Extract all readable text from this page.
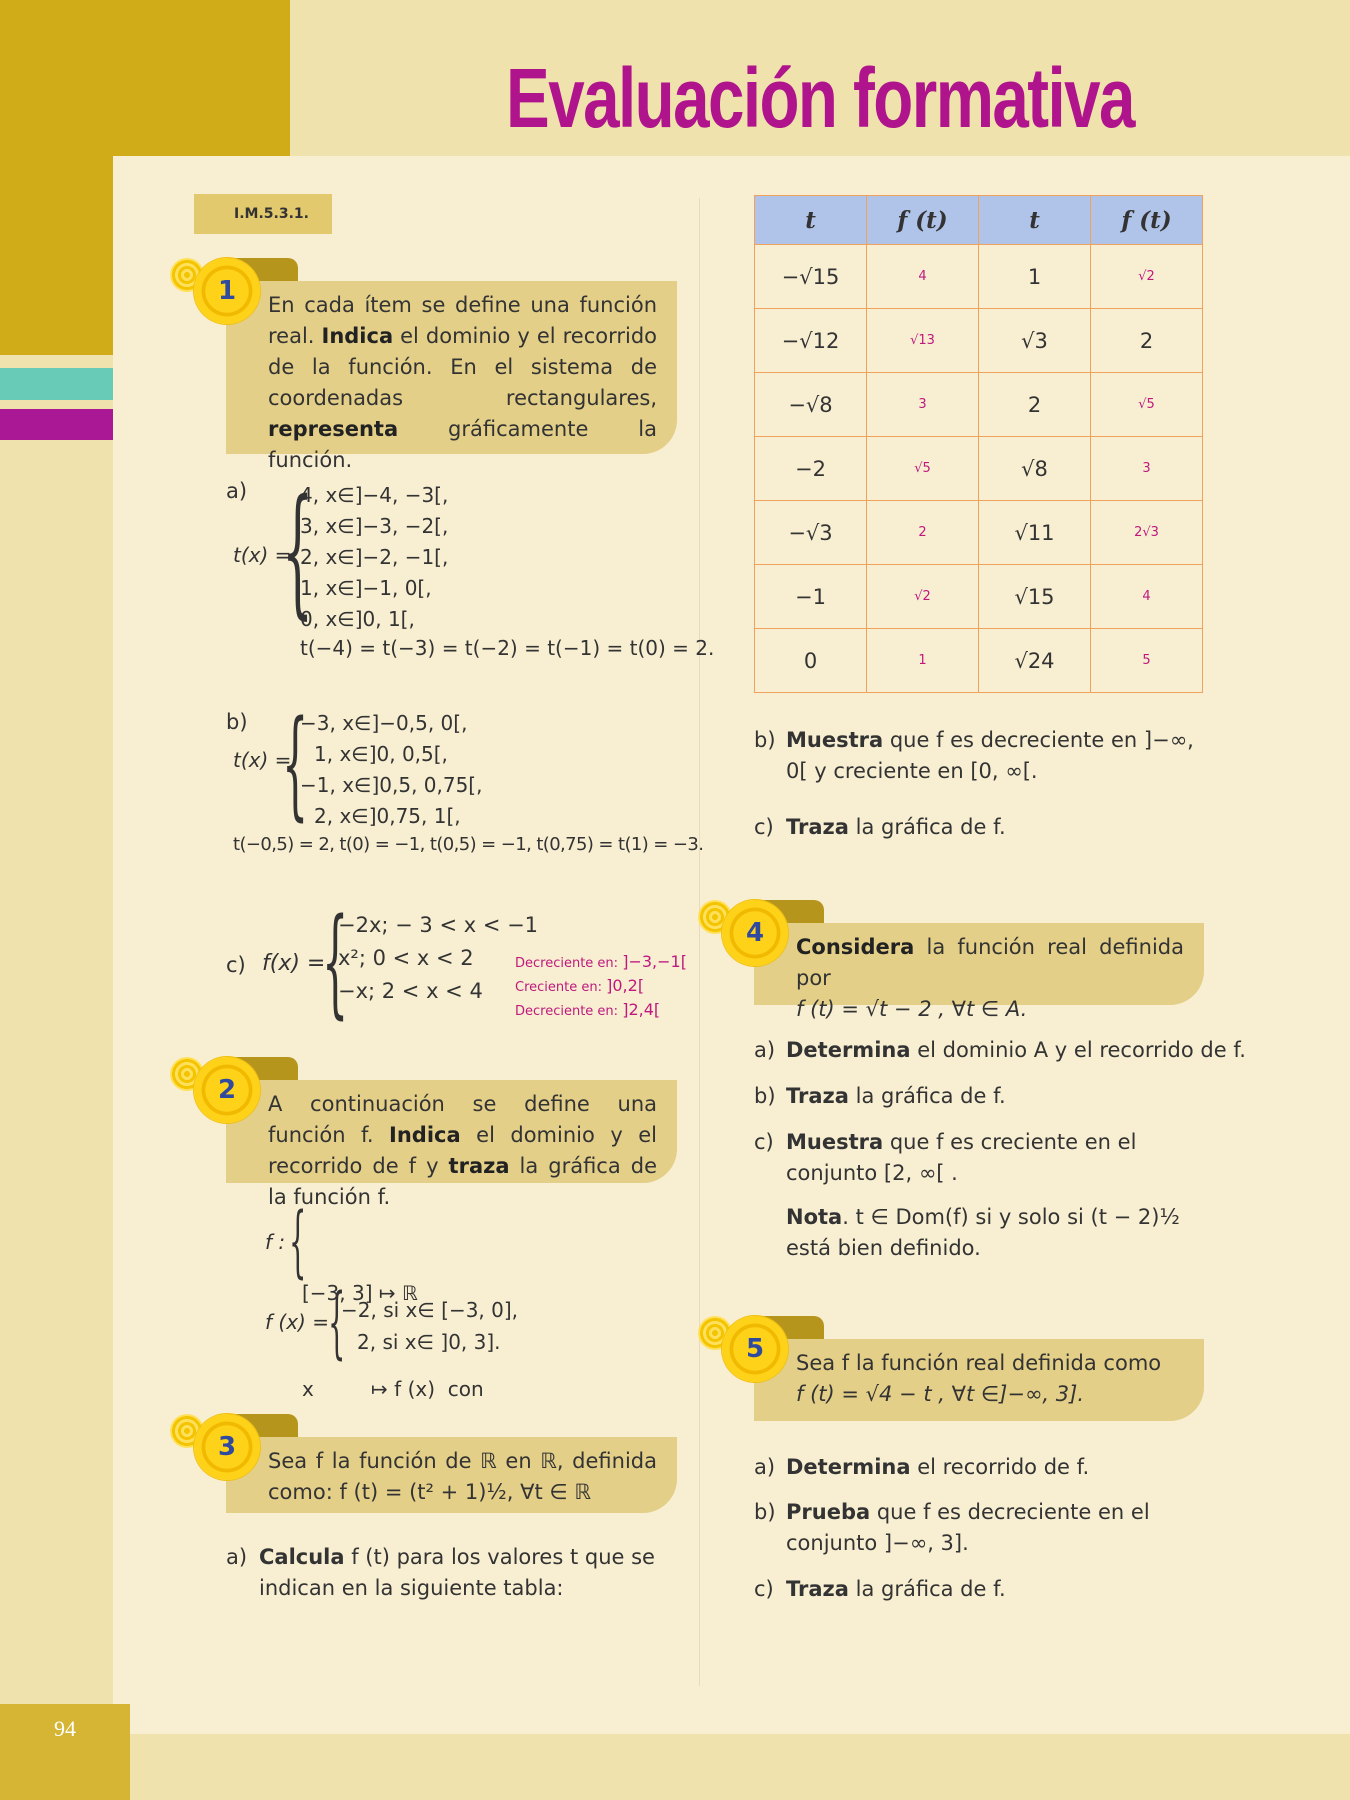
94
Evaluación formativa
I.M.5.3.1.
En cada ítem se define una función real. Indica el dominio y el recorrido de la función. En el sistema de coordenadas rectangulares, representa gráficamente la función.
1
a)
t(x) =
{
4, x∈]−4, −3[,
3, x∈]−3, −2[,
2, x∈]−2, −1[,
1, x∈]−1, 0[,
0, x∈]0, 1[,
t(−4) = t(−3) = t(−2) = t(−1) = t(0) = 2.
b)
t(x) =
{
−3, x∈]−0,5, 0[,
1, x∈]0, 0,5[,
−1, x∈]0,5, 0,75[,
2, x∈]0,75, 1[,
t(−0,5) = 2, t(0) = −1, t(0,5) = −1, t(0,75) = t(1) = −3.
c) f(x) =
{
−2x; − 3 < x < −1
x²; 0 < x < 2
−x; 2 < x < 4
Decreciente en: ]−3,−1[
Creciente en: ]0,2[
Decreciente en: ]2,4[
A continuación se define una función f. Indica el dominio y el recorrido de f y traza la gráfica de la función f.
2
f : {

[−3, 3] ↦ ℝ

x         ↦ f (x)  con

f (x) = {
−2, si x∈ [−3, 0],
2, si x∈ ]0, 3].
Sea f la función de ℝ en ℝ, definida como: f (t) = (t² + 1)½, ∀t ∈ ℝ
3
a) Calcula f (t) para los valores t que se indican en la siguiente tabla:
t	f (t)	t	f (t)
−√15	4	1	√2
−√12	√13	√3	2
−√8	3	2	√5
−2	√5	√8	3
−√3	2	√11	2√3
−1	√2	√15	4
0	1	√24	5
b) Muestra que f es decreciente en ]−∞, 0[ y creciente en [0, ∞[.
c) Traza la gráfica de f.
Considera la función real definida por
f (t) = √t − 2 , ∀t ∈ A.
4
a) Determina el dominio A y el recorrido de f.
b) Traza la gráfica de f.
c) Muestra que f es creciente en el conjunto [2, ∞[ .
Nota. t ∈ Dom(f) si y solo si (t − 2)½ está bien definido.
Sea f la función real definida como
f (t) = √4 − t , ∀t ∈]−∞, 3].
5
a) Determina el recorrido de f.
b) Prueba que f es decreciente en el conjunto ]−∞, 3].
c) Traza la gráfica de f.
